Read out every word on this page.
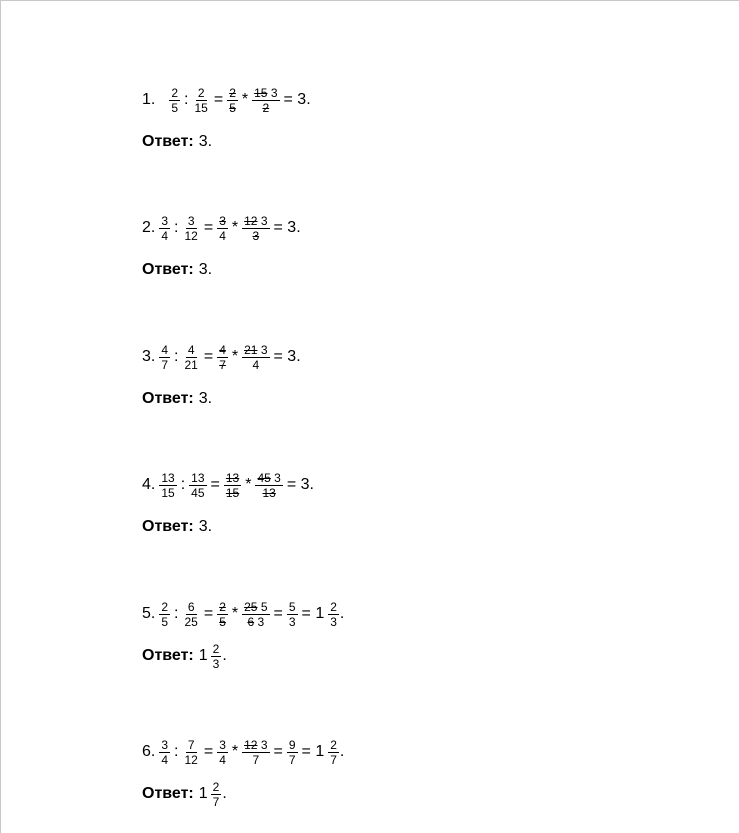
1. $\frac{2}{5}$ : $\frac{2}{15} = \frac{2}{5} * \frac{15 3}{2} = 3$.
Ответ: 3.
2. $\frac{3}{4}$ : $\frac{3}{12} = \frac{3}{4} * \frac{12 3}{3} = 3$.
Ответ: 3.
3. $\frac{4}{7}$ : $\frac{4}{21} = \frac{4}{7} * \frac{21 3}{4} = 3$.
Ответ: 3.
4. $\frac{13}{15}$ : $\frac{13}{45} = \frac{13}{15} * \frac{45 3}{13} = 3$.
Ответ: 3.
5. $\frac{2}{5}$ : $\frac{6}{25} = \frac{2}{5} * \frac{25 5}{6 3} = \frac{5}{3} = 1 \frac{2}{3}$ .
Ответ: $1 \frac{2}{3}$ .
6. $\frac{3}{4}$ : $\frac{7}{12} = \frac{3}{4} * \frac{12 3}{7} = \frac{9}{7} = 1 \frac{2}{7}$ .
Ответ: $1 \frac{2}{7}$ .
